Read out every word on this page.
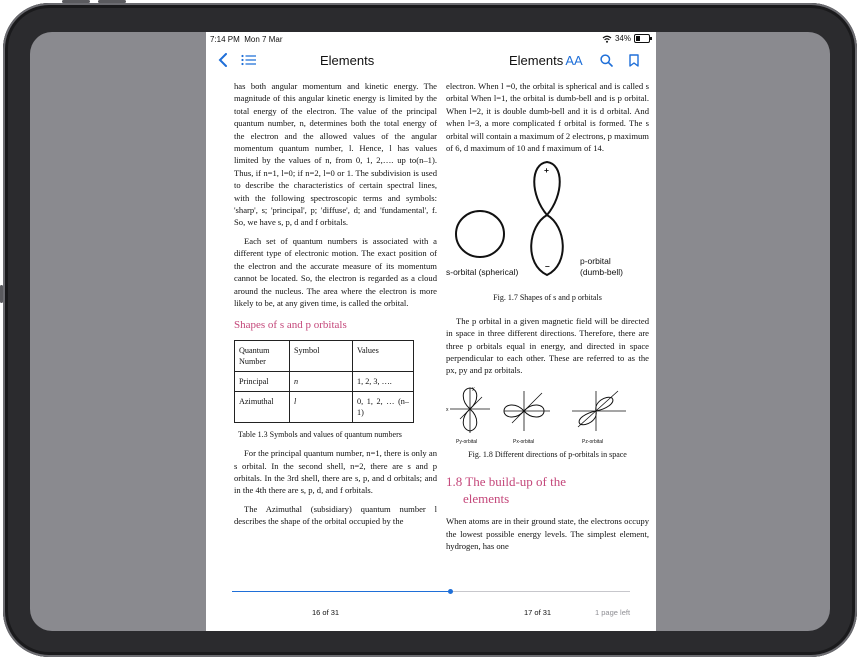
7:14 PM Mon 7 Mar	34%
Elements	Elements AA

has both angular momentum and kinetic energy. The magnitude of this angular kinetic energy is limited by the total energy of the electron. The value of the principal quantum number, n, determines both the total energy of the electron and the allowed values of the angular momentum quantum number, l. Hence, l has values limited by the values of n, from 0, 1, 2,…. up to(n–1). Thus, if n=1, l=0; if n=2, l=0 or 1. The subdivision is used to describe the characteristics of certain spectral lines, with the following spectroscopic terms and symbols: 'sharp', s; 'principal', p; 'diffuse', d; and 'fundamental', f. So, we have s, p, d and f orbitals.

Each set of quantum numbers is associated with a different type of electronic motion. The exact position of the electron and the accurate measure of its momentum cannot be located. So, the electron is regarded as a cloud around the nucleus. The area where the electron is more likely to be, at any given time, is called the orbital.

Shapes of s and p orbitals
Quantum Number	Symbol	Values
Principal	n	1, 2, 3, ….
Azimuthal	l	0, 1, 2, … (n–1)
Table 1.3 Symbols and values of quantum numbers

For the principal quantum number, n=1, there is only an s orbital. In the second shell, n=2, there are s and p orbitals. In the 3rd shell, there are s, p, and d orbitals; and in the 4th there are s, p, d, and f orbitals.

The Azimuthal (subsidiary) quantum number l describes the shape of the orbital occupied by the

electron. When l =0, the orbital is spherical and is called s orbital When l=1, the orbital is dumb-bell and is p orbital. When l=2, it is double dumb-bell and it is d orbital. And when l=3, a more complicated f orbital is formed. The s orbital will contain a maximum of 2 electrons, p maximum of 6, d maximum of 10 and f maximum of 14.

+
–
s-orbital (spherical)
p-orbital
(dumb-bell)
Fig. 1.7 Shapes of s and p orbitals

The p orbital in a given magnetic field will be directed in space in three different directions. Therefore, there are three p orbitals equal in energy, and directed in space perpendicular to each other. These are referred to as the px, py and pz orbitals.

Py-orbital	Px-orbital	Pz-orbital
x
y
Fig. 1.8 Different directions of p-orbitals in space
1.8 The build-up of the
elements

When atoms are in their ground state, the electrons occupy the lowest possible energy levels. The simplest element, hydrogen, has one

16 of 31	17 of 31	1 page left
